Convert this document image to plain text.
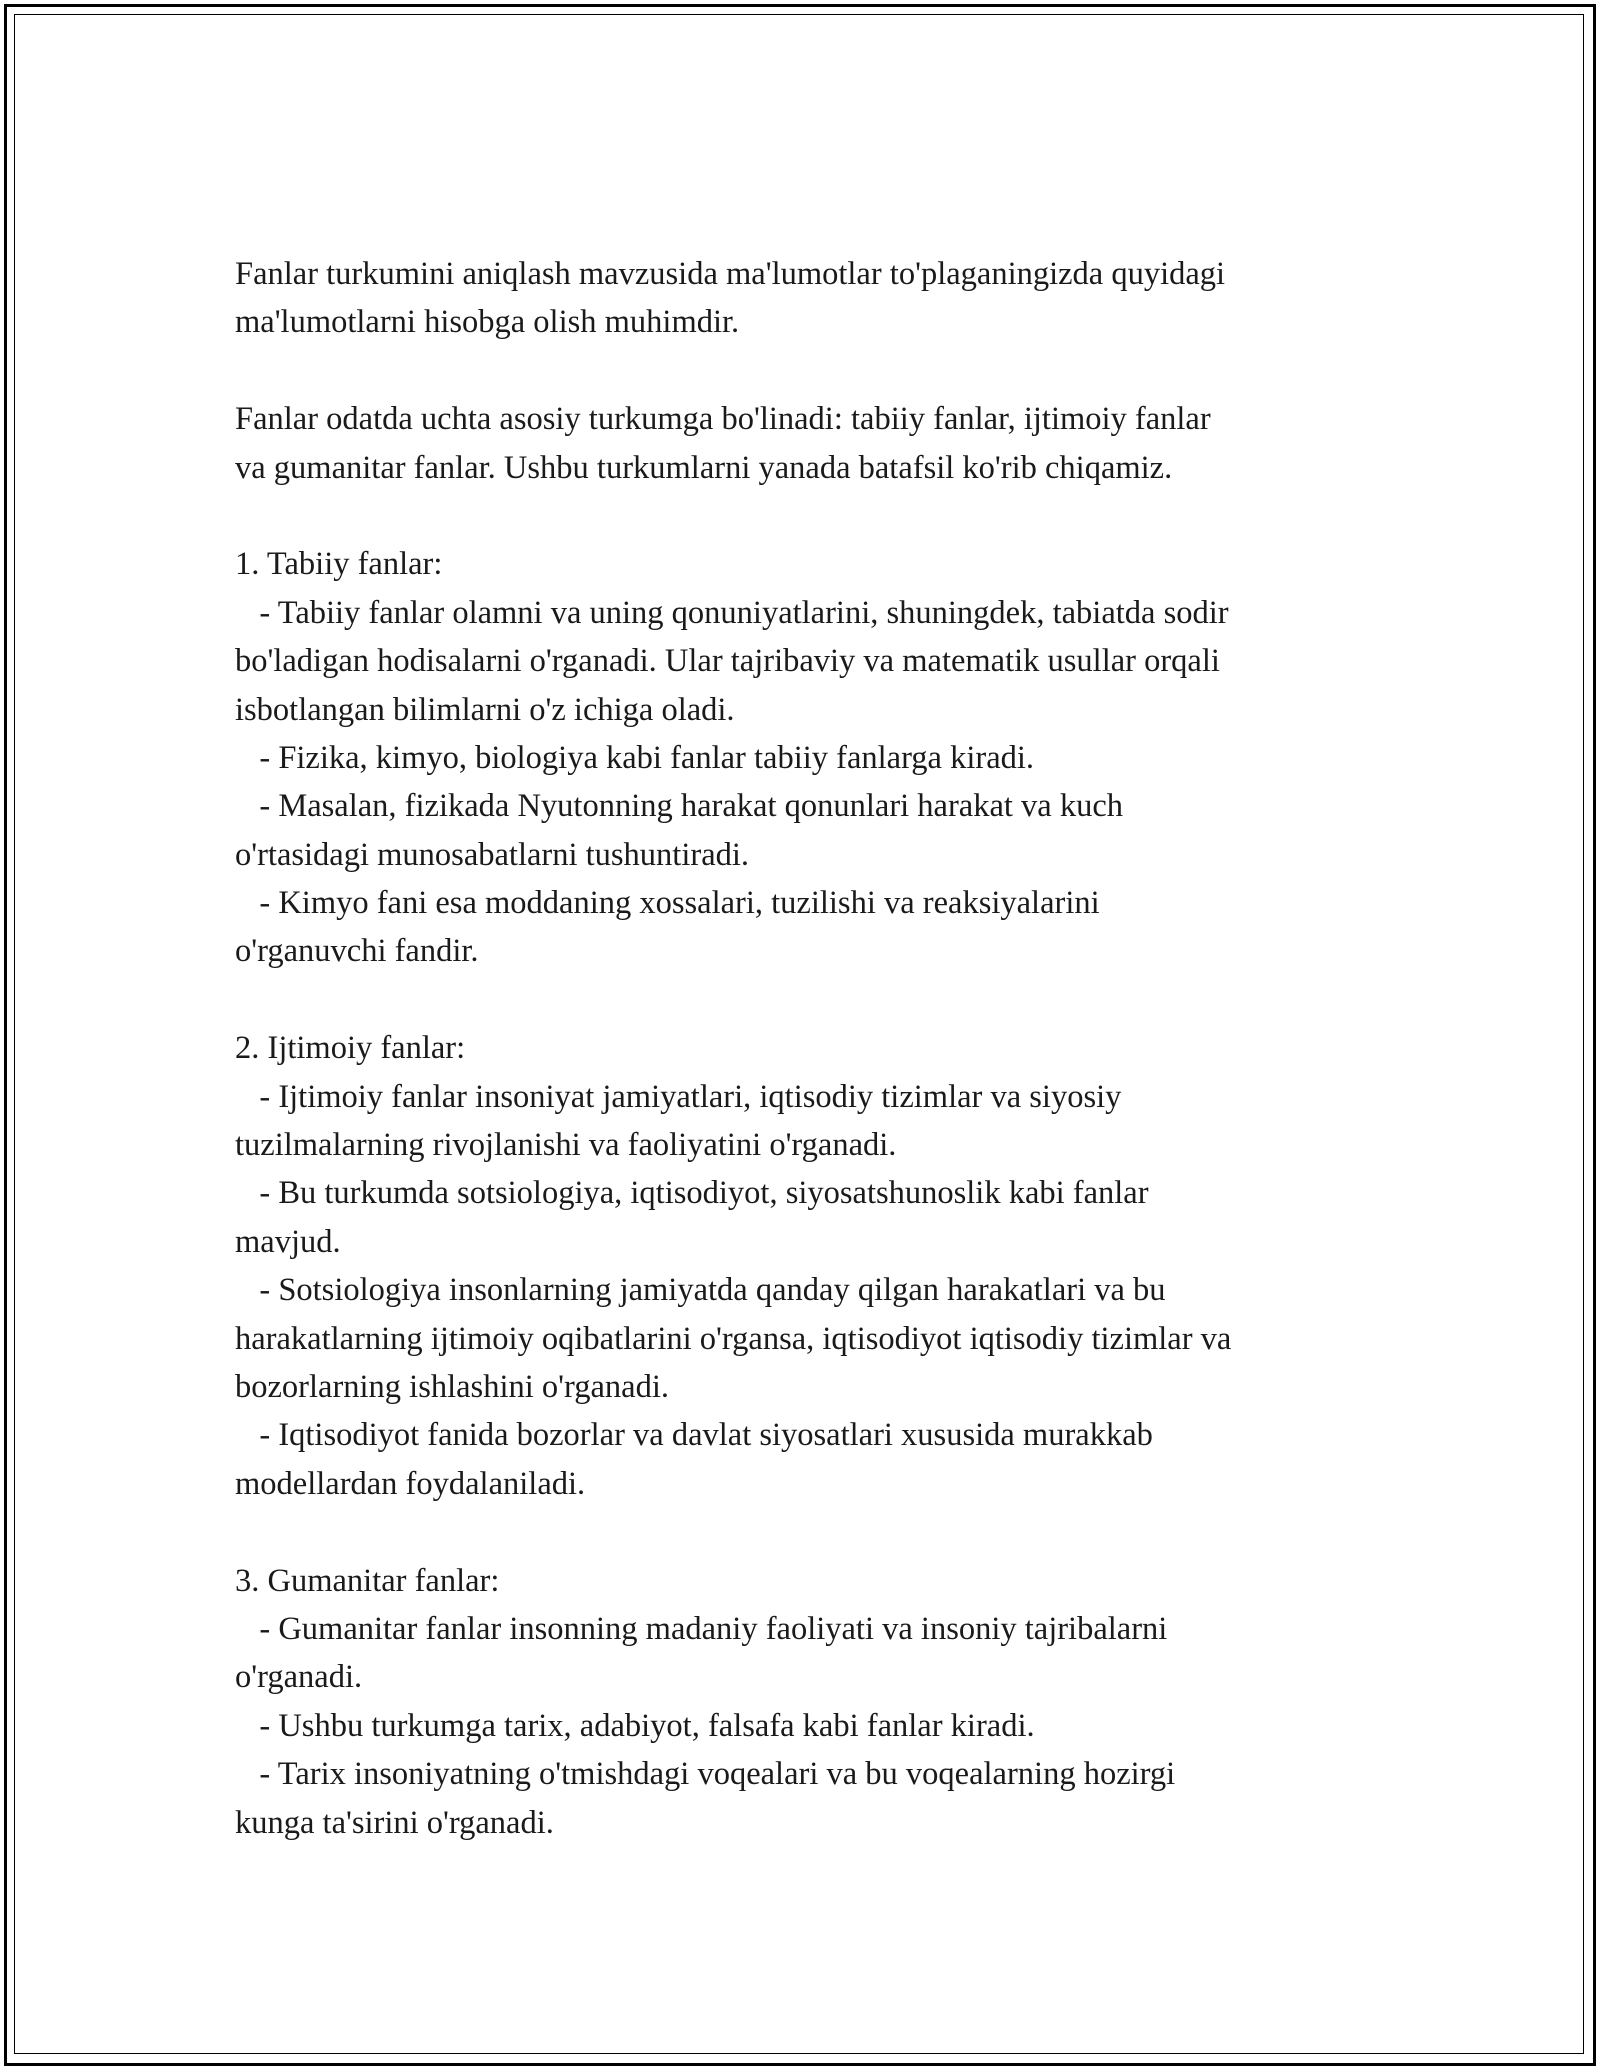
Fanlar turkumini aniqlash mavzusida ma'lumotlar to'plaganingizda quyidagi
ma'lumotlarni hisobga olish muhimdir.
Fanlar odatda uchta asosiy turkumga bo'linadi: tabiiy fanlar, ijtimoiy fanlar
va gumanitar fanlar. Ushbu turkumlarni yanada batafsil ko'rib chiqamiz.
1. Tabiiy fanlar:
- Tabiiy fanlar olamni va uning qonuniyatlarini, shuningdek, tabiatda sodir
bo'ladigan hodisalarni o'rganadi. Ular tajribaviy va matematik usullar orqali
isbotlangan bilimlarni o'z ichiga oladi.
- Fizika, kimyo, biologiya kabi fanlar tabiiy fanlarga kiradi.
- Masalan, fizikada Nyutonning harakat qonunlari harakat va kuch
o'rtasidagi munosabatlarni tushuntiradi.
- Kimyo fani esa moddaning xossalari, tuzilishi va reaksiyalarini
o'rganuvchi fandir.
2. Ijtimoiy fanlar:
- Ijtimoiy fanlar insoniyat jamiyatlari, iqtisodiy tizimlar va siyosiy
tuzilmalarning rivojlanishi va faoliyatini o'rganadi.
- Bu turkumda sotsiologiya, iqtisodiyot, siyosatshunoslik kabi fanlar
mavjud.
- Sotsiologiya insonlarning jamiyatda qanday qilgan harakatlari va bu
harakatlarning ijtimoiy oqibatlarini o'rgansa, iqtisodiyot iqtisodiy tizimlar va
bozorlarning ishlashini o'rganadi.
- Iqtisodiyot fanida bozorlar va davlat siyosatlari xususida murakkab
modellardan foydalaniladi.
3. Gumanitar fanlar:
- Gumanitar fanlar insonning madaniy faoliyati va insoniy tajribalarni
o'rganadi.
- Ushbu turkumga tarix, adabiyot, falsafa kabi fanlar kiradi.
- Tarix insoniyatning o'tmishdagi voqealari va bu voqealarning hozirgi
kunga ta'sirini o'rganadi.
